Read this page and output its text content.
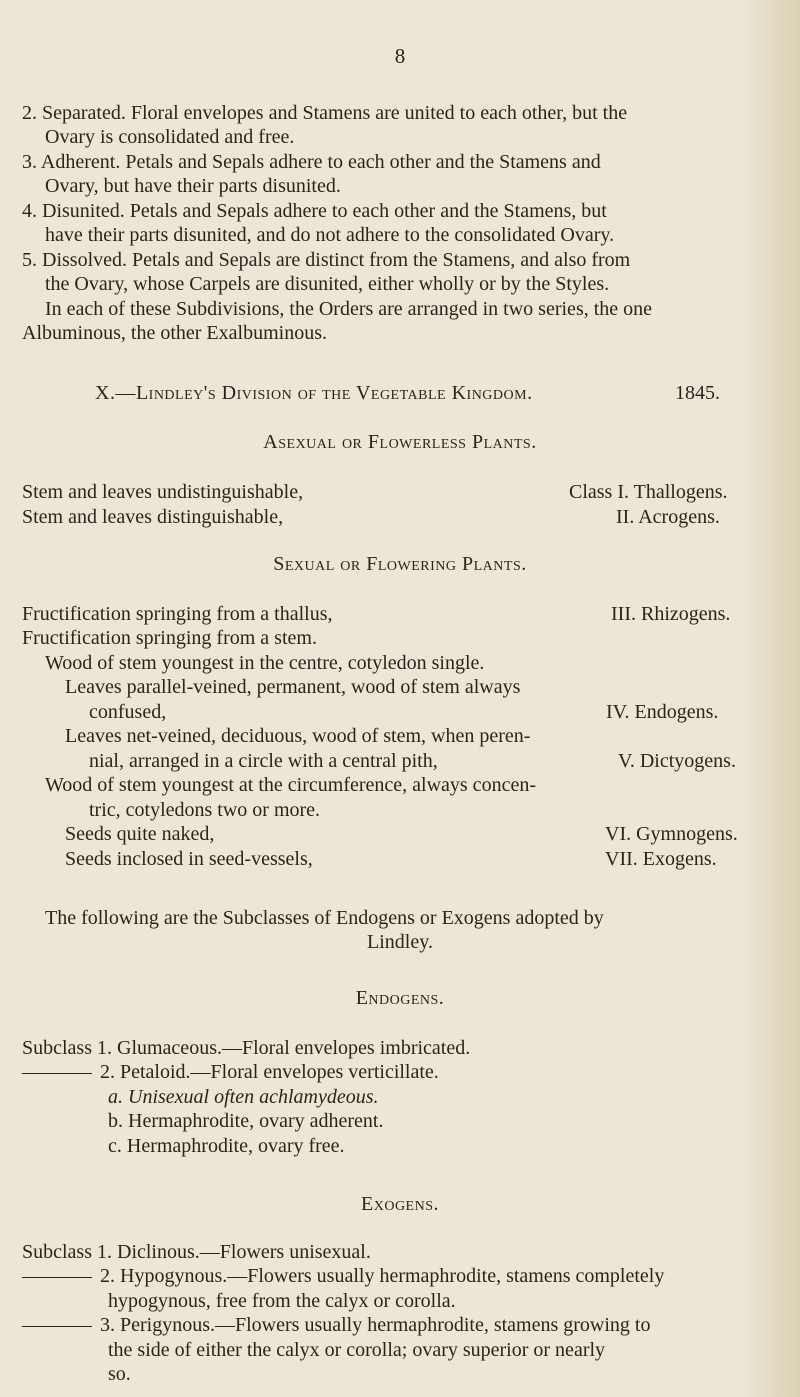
8
2. Separated. Floral envelopes and Stamens are united to each other, but the
Ovary is consolidated and free.
3. Adherent. Petals and Sepals adhere to each other and the Stamens and
Ovary, but have their parts disunited.
4. Disunited. Petals and Sepals adhere to each other and the Stamens, but
have their parts disunited, and do not adhere to the consolidated Ovary.
5. Dissolved. Petals and Sepals are distinct from the Stamens, and also from
the Ovary, whose Carpels are disunited, either wholly or by the Styles.
In each of these Subdivisions, the Orders are arranged in two series, the one
Albuminous, the other Exalbuminous.
X.—Lindley's Division of the Vegetable Kingdom.	1845.
Asexual or Flowerless Plants.
Stem and leaves undistinguishable,	Class I. Thallogens.
Stem and leaves distinguishable,	II. Acrogens.
Sexual or Flowering Plants.
Fructification springing from a thallus,	III. Rhizogens.
Fructification springing from a stem.
Wood of stem youngest in the centre, cotyledon single.
Leaves parallel-veined, permanent, wood of stem always
confused,	IV. Endogens.
Leaves net-veined, deciduous, wood of stem, when peren-
nial, arranged in a circle with a central pith,	V. Dictyogens.
Wood of stem youngest at the circumference, always concen-
tric, cotyledons two or more.
Seeds quite naked,	VI. Gymnogens.
Seeds inclosed in seed-vessels,	VII. Exogens.
The following are the Subclasses of Endogens or Exogens adopted by
Lindley.
Endogens.
Subclass 1. Glumaceous.—Floral envelopes imbricated.
2. Petaloid.—Floral envelopes verticillate.
a. Unisexual often achlamydeous.
b. Hermaphrodite, ovary adherent.
c. Hermaphrodite, ovary free.
Exogens.
Subclass 1. Diclinous.—Flowers unisexual.
2. Hypogynous.—Flowers usually hermaphrodite, stamens completely
hypogynous, free from the calyx or corolla.
3. Perigynous.—Flowers usually hermaphrodite, stamens growing to
the side of either the calyx or corolla; ovary superior or nearly
so.
